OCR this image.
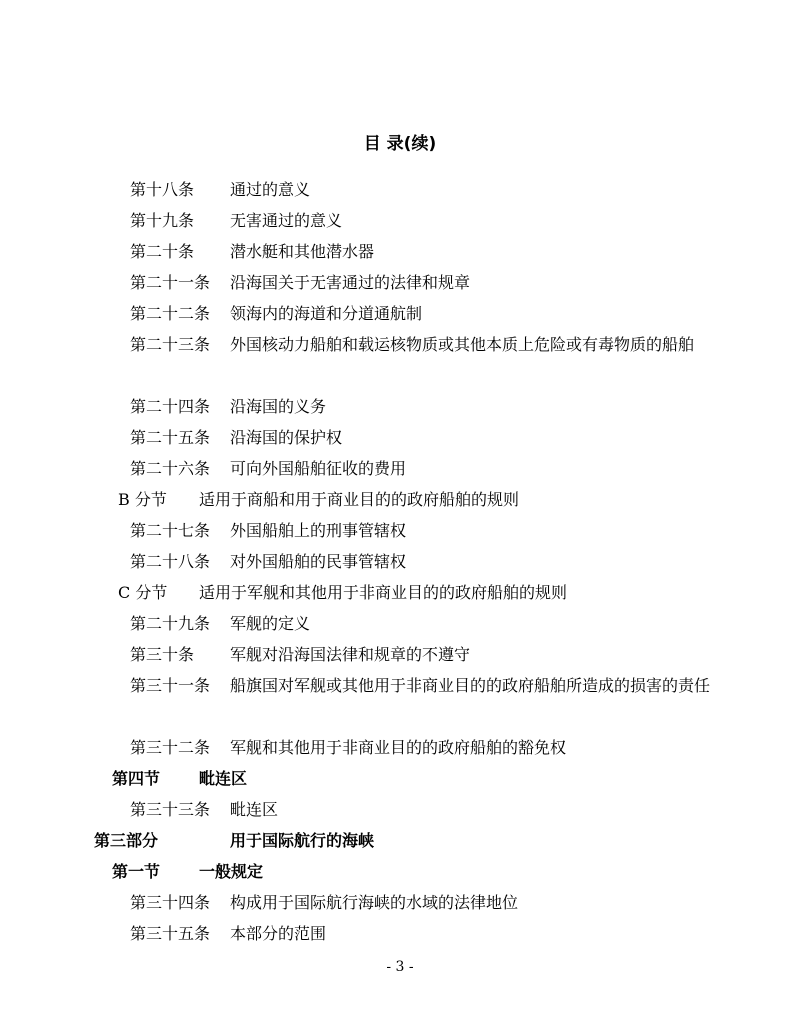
目 录(续)
第十八条 通过的意义
第十九条 无害通过的意义
第二十条 潜水艇和其他潜水器
第二十一条 沿海国关于无害通过的法律和规章
第二十二条 领海内的海道和分道通航制
第二十三条 外国核动力船舶和载运核物质或其他本质上危险或有毒物质的船舶
第二十四条 沿海国的义务
第二十五条 沿海国的保护权
第二十六条 可向外国船舶征收的费用
B 分节 适用于商船和用于商业目的的政府船舶的规则
第二十七条 外国船舶上的刑事管辖权
第二十八条 对外国船舶的民事管辖权
C 分节 适用于军舰和其他用于非商业目的的政府船舶的规则
第二十九条 军舰的定义
第三十条 军舰对沿海国法律和规章的不遵守
第三十一条 船旗国对军舰或其他用于非商业目的的政府船舶所造成的损害的责任
第三十二条 军舰和其他用于非商业目的的政府船舶的豁免权
第四节 毗连区
第三十三条 毗连区
第三部分	用于国际航行的海峡
第一节 一般规定
第三十四条 构成用于国际航行海峡的水域的法律地位
第三十五条 本部分的范围
- 3 -
